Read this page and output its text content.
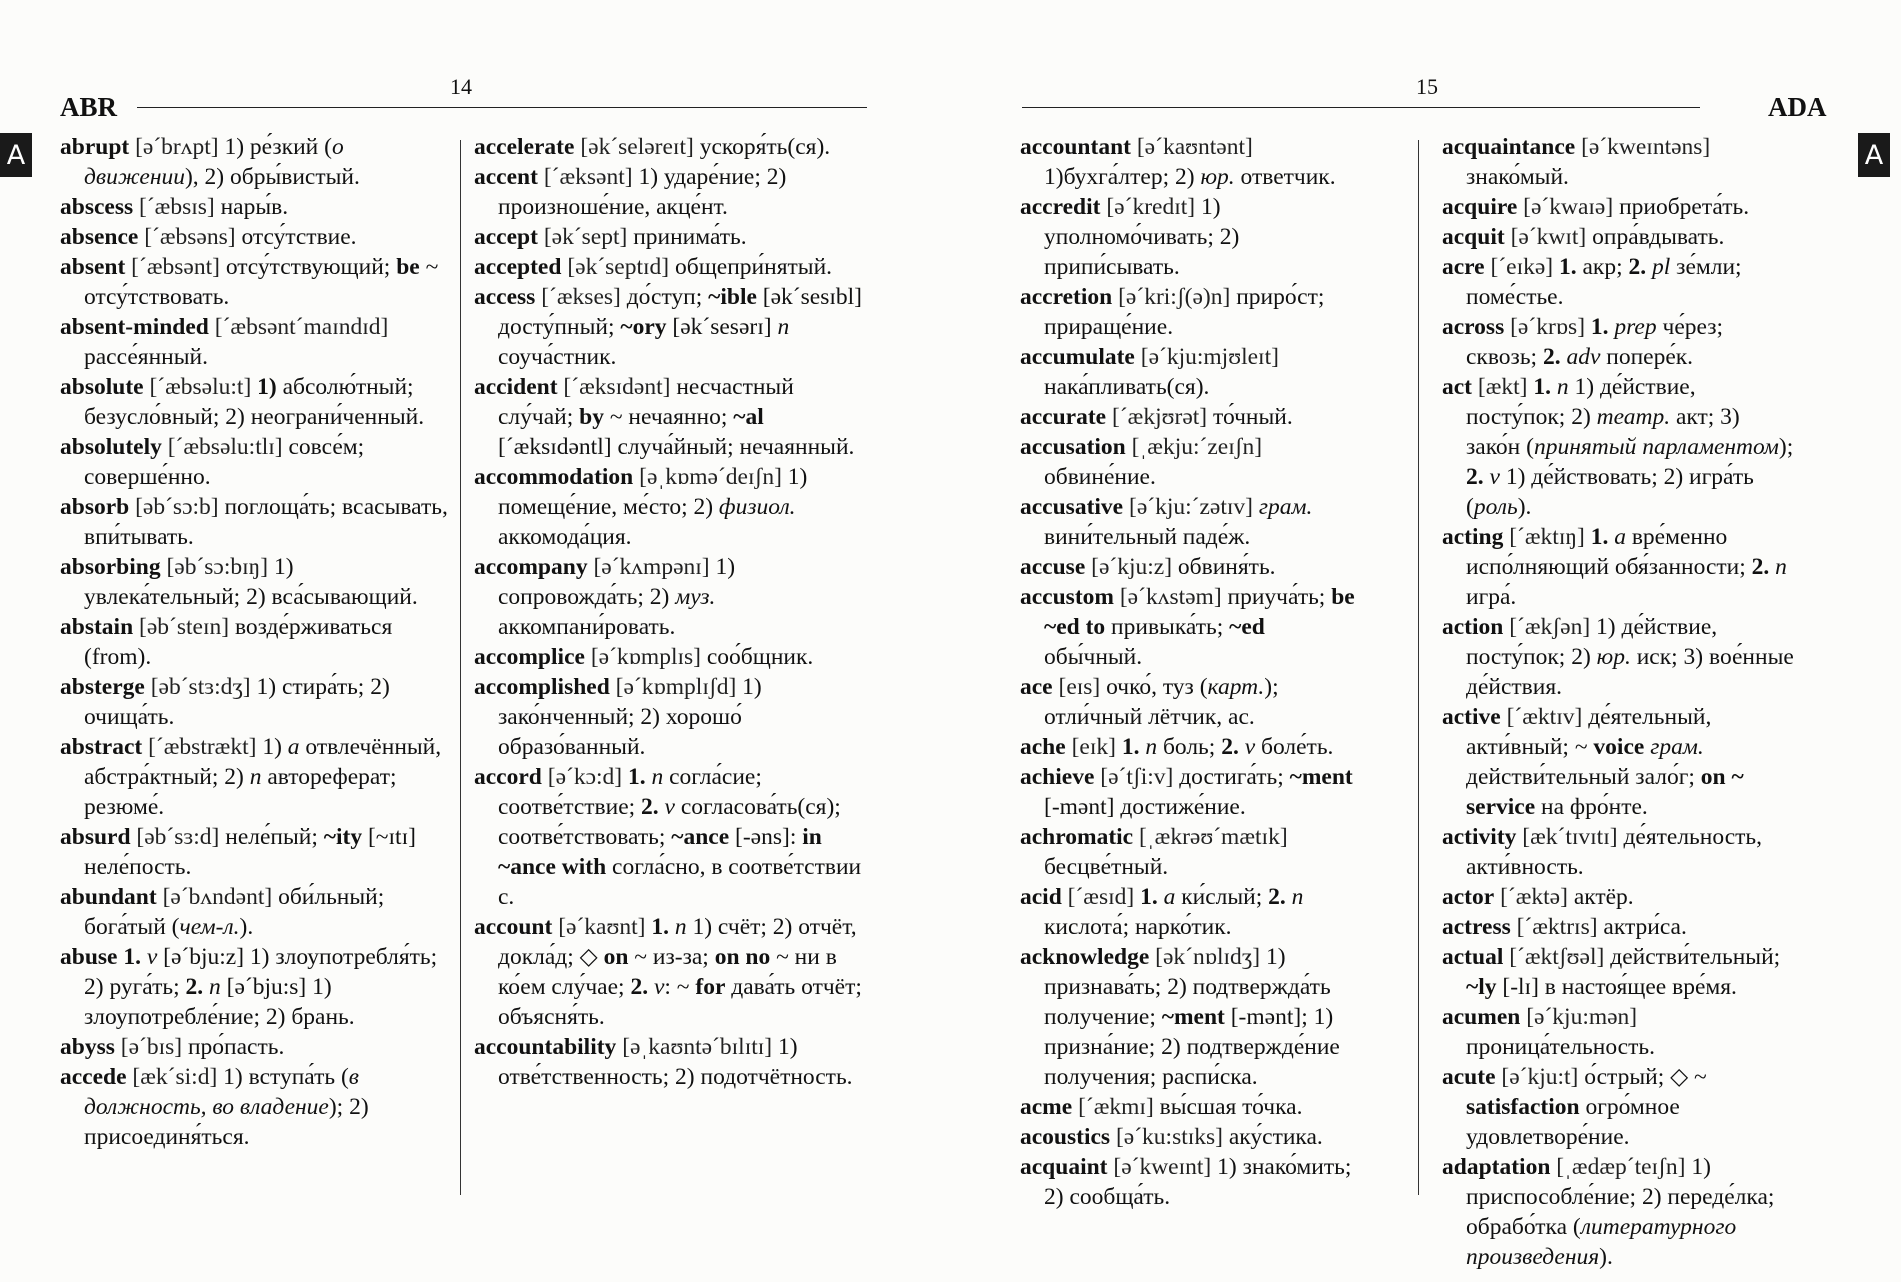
14
ABR
A abrupt [əˊbrʌpt] 1) ре́зкий (о движении), 2) обры́вистый.

abscess [ˊæbsɪs] нары́в.

absence [ˊæbsəns] отсу́тствие.

absent [ˊæbsənt] отсу́тствующий; be ~ отсу́тствовать.

absent-minded [ˊæbsəntˊmaɪndɪd] рассе́янный.

absolute [ˊæbsəlu:t] 1) абсолю́тный; безусло́вный; 2) неограни́ченный.

absolutely [ˊæbsəlu:tlɪ] совсе́м; соверше́нно.

absorb [əbˊsɔ:b] поглоща́ть; всасывать, впи́тывать.

absorbing [əbˊsɔ:bɪŋ] 1) увлека́тельный; 2) вса́сывающий.

abstain [əbˊsteɪn] возде́рживаться (from).

absterge [əbˊstɜ:dʒ] 1) стира́ть; 2) очища́ть.

abstract [ˊæbstrækt] 1) a отвлечённый, абстра́ктный; 2) n автореферат; резюме́.

absurd [əbˊsɜ:d] неле́пый; ~ity [~ɪtɪ] неле́пость.

abundant [əˊbʌndənt] оби́льный; бога́тый (чем-л.).

abuse 1. v [əˊbju:z] 1) злоупотребля́ть; 2) руга́ть; 2. n [əˊbju:s] 1) злоупотребле́ние; 2) брань.

abyss [əˊbɪs] про́пасть.

accede [ækˊsi:d] 1) вступа́ть (в должность, во владение); 2) присоединя́ться.

accelerate [əkˊseləreɪt] ускоря́ть(ся).

accent [ˊæksənt] 1) ударе́ние; 2) произноше́ние, акце́нт.

accept [əkˊsept] принима́ть.

accepted [əkˊseptɪd] общепри́нятый.

access [ˊækses] до́ступ; ~ible [əkˊsesɪbl] досту́пный; ~ory [əkˊsesərɪ] n соуча́стник.

accident [ˊæksɪdənt] несчастный слу́чай; by ~ нечаянно; ~al [ˊæksɪdəntl] случа́йный; нечаянный.

accommodation [əˌkɒməˊdeɪʃn] 1) помеще́ние, ме́сто; 2) физиол. аккомода́ция.

accompany [əˊkʌmpənɪ] 1) сопровожда́ть; 2) муз. аккомпани́ровать.

accomplice [əˊkɒmplɪs] соо́бщник.

accomplished [əˊkɒmplɪʃd] 1) зако́нченный; 2) хорошо́ образо́ванный.

accord [əˊkɔ:d] 1. n согла́сие; соотве́тствие; 2. v согласова́ть(ся); соотве́тствовать; ~ance [-əns]: in ~ance with согла́сно, в соотве́тствии с.

account [əˊkaʊnt] 1. n 1) счёт; 2) отчёт, докла́д; ◇ on ~ из-за; on no ~ ни в ко́ем слу́чае; 2. v: ~ for дава́ть отчёт; объясня́ть.

accountability [əˌkaʊntəˊbɪlɪtɪ] 1) отве́тственность; 2) подотчётность.

15
ADA
A

accountant [əˊkaʊntənt] 1)бухга́лтер; 2) юр. ответчик.

accredit [əˊkredɪt] 1) уполномо́чивать; 2) припи́сывать.

accretion [əˊkri:ʃ(ə)n] приро́ст; прираще́ние.

accumulate [əˊkju:mjʊleɪt] нака́пливать(ся).

accurate [ˊækjʊrət] то́чный.

accusation [ˌækju:ˊzeɪʃn] обвине́ние.

accusative [əˊkju:ˊzətɪv] грам. вини́тельный паде́ж.

accuse [əˊkju:z] обвиня́ть.

accustom [əˊkʌstəm] приуча́ть; be ~ed to привыка́ть; ~ed обы́чный.

ace [eɪs] очко́, туз (карт.); отли́чный лётчик, ас.

ache [eɪk] 1. n боль; 2. v боле́ть.

achieve [əˊtʃi:v] достига́ть; ~ment [-mənt] достиже́ние.

achromatic [ˌækrəʊˊmætɪk] бесцве́тный.

acid [ˊæsɪd] 1. a ки́слый; 2. n кислота́; нарко́тик.

acknowledge [əkˊnɒlɪdʒ] 1) признава́ть; 2) подтвержда́ть получение; ~ment [-mənt]; 1) призна́ние; 2) подтвержде́ние получения; распи́ска.

acme [ˊækmɪ] вы́сшая то́чка.

acoustics [əˊku:stɪks] аку́стика.

acquaint [əˊkweɪnt] 1) знако́мить; 2) сообща́ть.

acquaintance [əˊkweɪntəns] знако́мый.

acquire [əˊkwaɪə] приобрета́ть.

acquit [əˊkwɪt] опра́вдывать.

acre [ˊeɪkə] 1. акр; 2. pl зе́мли; поме́стье.

across [əˊkrɒs] 1. prep че́рез; сквозь; 2. adv попере́к.

act [ækt] 1. n 1) де́йствие, посту́пок; 2) театр. акт; 3) зако́н (принятый парламентом); 2. v 1) де́йствовать; 2) игра́ть (роль).

acting [ˊæktɪŋ] 1. a вре́менно испо́лняющий обя́занности; 2. n игра́.

action [ˊækʃən] 1) де́йствие, посту́пок; 2) юр. иск; 3) вое́нные де́йствия.

active [ˊæktɪv] де́ятельный, акти́вный; ~ voice грам. действи́тельный зало́г; on ~ service на фро́нте.

activity [ækˊtɪvɪtɪ] де́ятельность, акти́вность.

actor [ˊæktə] актёр.

actress [ˊæktrɪs] актри́са.

actual [ˊæktʃʊəl] действи́тельный; ~ly [-lɪ] в настоя́щее вре́мя.

acumen [əˊkju:mən] проница́тельность.

acute [əˊkju:t] о́стрый; ◇ ~ satisfaction огро́мное удовлетворе́ние.

adaptation [ˌædæpˊteɪʃn] 1) приспособле́ние; 2) переде́лка; обрабо́тка (литературного произведения).
